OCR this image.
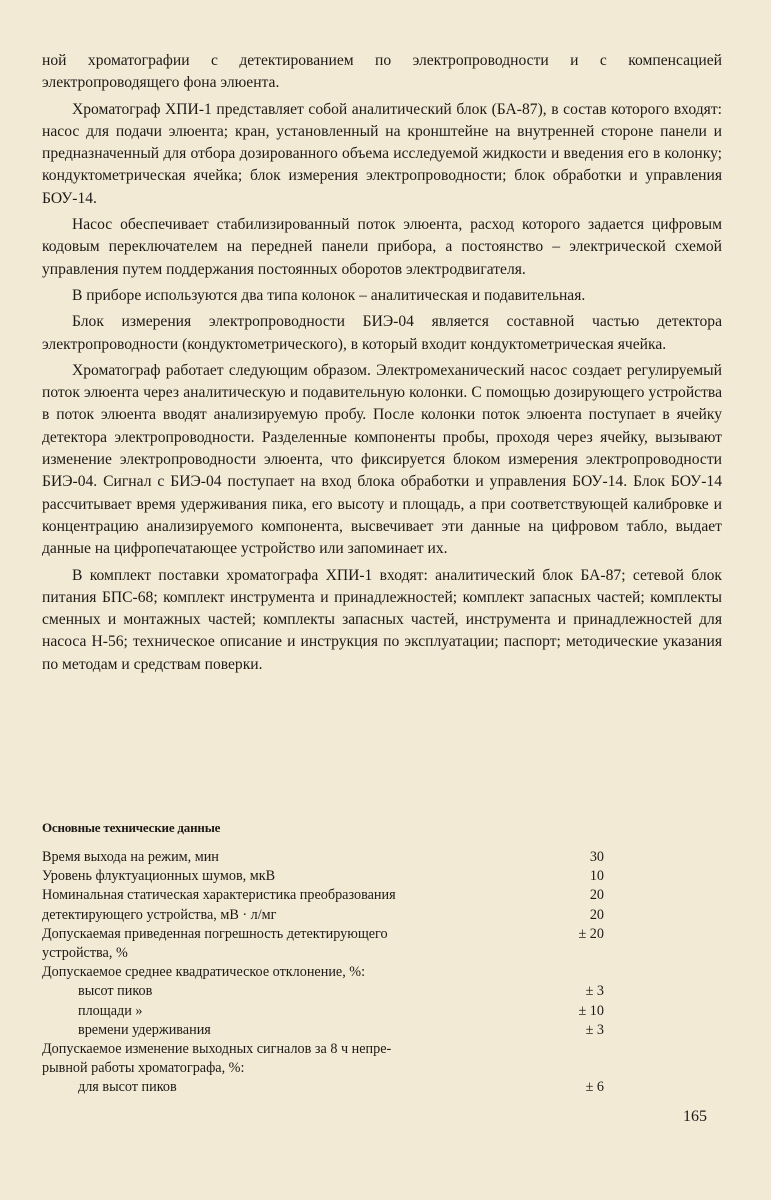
ной хроматографии с детектированием по электропроводности и с компенсацией электропроводящего фона элюента.

Хроматограф ХПИ-1 представляет собой аналитический блок (БА-87), в состав которого входят: насос для подачи элюента; кран, установленный на кронштейне на внутренней стороне панели и предназначенный для отбора дозированного объема исследуемой жидкости и введения его в колонку; кондуктометрическая ячейка; блок измерения электропроводности; блок обработки и управления БОУ-14.

Насос обеспечивает стабилизированный поток элюента, расход которого задается цифровым кодовым переключателем на передней панели прибора, а постоянство – электрической схемой управления путем поддержания постоянных оборотов электродвигателя.

В приборе используются два типа колонок – аналитическая и подавительная.

Блок измерения электропроводности БИЭ-04 является составной частью детектора электропроводности (кондуктометрического), в который входит кондуктометрическая ячейка.

Хроматограф работает следующим образом. Электромеханический насос создает регулируемый поток элюента через аналитическую и подавительную колонки. С помощью дозирующего устройства в поток элюента вводят анализируемую пробу. После колонки поток элюента поступает в ячейку детектора электропроводности. Разделенные компоненты пробы, проходя через ячейку, вызывают изменение электропроводности элюента, что фиксируется блоком измерения электропроводности БИЭ-04. Сигнал с БИЭ-04 поступает на вход блока обработки и управления БОУ-14. Блок БОУ-14 рассчитывает время удерживания пика, его высоту и площадь, а при соответствующей калибровке и концентрацию анализируемого компонента, высвечивает эти данные на цифровом табло, выдает данные на цифропечатающее устройство или запоминает их.

В комплект поставки хроматографа ХПИ-1 входят: аналитический блок БА-87; сетевой блок питания БПС-68; комплект инструмента и принадлежностей; комплект запасных частей; комплекты сменных и монтажных частей; комплекты запасных частей, инструмента и принадлежностей для насоса Н-56; техническое описание и инструкция по эксплуатации; паспорт; методические указания по методам и средствам поверки.

Основные технические данные
Время выхода на режим, мин	30
Уровень флуктуационных шумов, мкВ	10
Номинальная статическая характеристика преобразования	20
детектирующего устройства, мВ · л/мг	20
Допускаемая приведенная погрешность детектирующего	± 20
устройства, %
Допускаемое среднее квадратическое отклонение, %:
высот пиков	± 3
площади »	± 10
времени удерживания	± 3
Допускаемое изменение выходных сигналов за 8 ч непре-
рывной работы хроматографа, %:
для высот пиков	± 6
165
